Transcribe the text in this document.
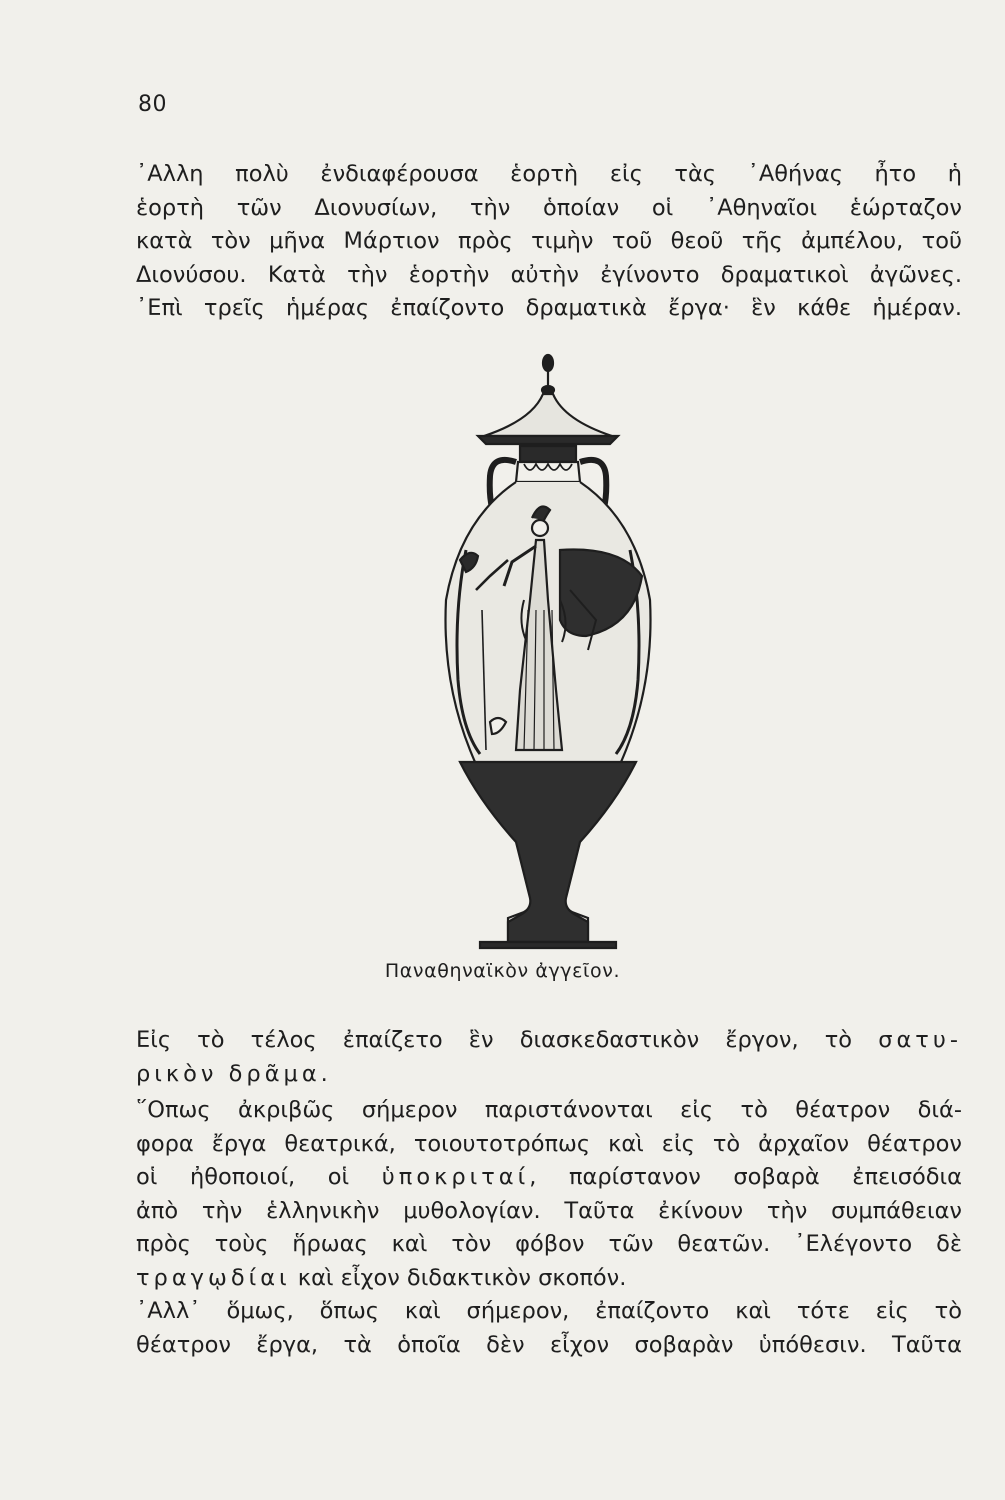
80
᾿Αλλη πολὺ ἐνδιαφέρουσα ἑορτὴ εἰς τὰς ᾿Αθήνας ἦτο ἡ
ἑορτὴ τῶν Διονυσίων, τὴν ὁποίαν οἱ ᾿Αθηναῖοι ἑώρταζον
κατὰ τὸν μῆνα Μάρτιον πρὸς τιμὴν τοῦ θεοῦ τῆς ἀμπέλου, τοῦ
Διονύσου. Κατὰ τὴν ἑορτὴν αὐτὴν ἐγίνοντο δραματικοὶ ἀγῶνες.
᾿Επὶ τρεῖς ἡμέρας ἐπαίζοντο δραματικὰ ἔργα· ἓν κάθε ἡμέραν.
Παναθηναϊκὸν ἀγγεῖον.
Εἰς τὸ τέλος ἐπαίζετο ἓν διασκεδαστικὸν ἔργον, τὸ σατυ-
ρικὸν δρᾶμα.
῞Οπως ἀκριβῶς σήμερον παριστάνονται εἰς τὸ θέατρον διά-
φορα ἔργα θεατρικά, τοιουτοτρόπως καὶ εἰς τὸ ἀρχαῖον θέατρον
οἱ ἠθοποιοί, οἱ ὑποκριταί, παρίστανον σοβαρὰ ἐπεισόδια
ἀπὸ τὴν ἑλληνικὴν μυθολογίαν. Ταῦτα ἐκίνουν τὴν συμπάθειαν
πρὸς τοὺς ἥρωας καὶ τὸν φόβον τῶν θεατῶν. ᾿Ελέγοντο δὲ
τραγῳδίαι καὶ εἶχον διδακτικὸν σκοπόν.
᾿Αλλ᾿ ὅμως, ὅπως καὶ σήμερον, ἐπαίζοντο καὶ τότε εἰς τὸ
θέατρον ἔργα, τὰ ὁποῖα δὲν εἶχον σοβαρὰν ὑπόθεσιν. Ταῦτα
